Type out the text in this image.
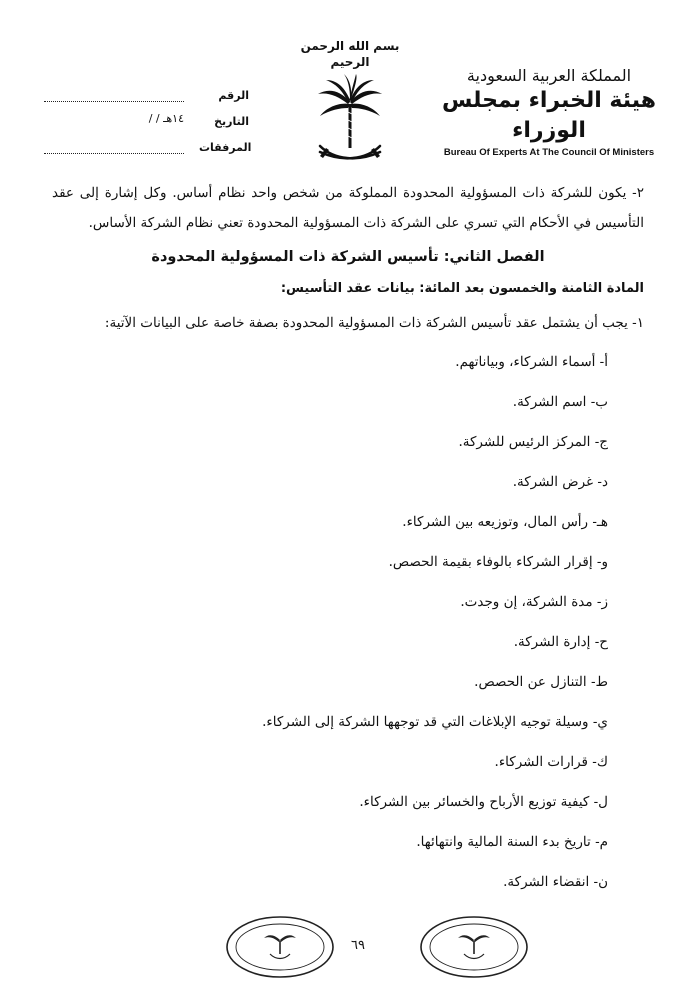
المملكة العربية السعودية
هيئة الخبراء بمجلس الوزراء
Bureau Of Experts At The Council Of Ministers
بسم الله الرحمن الرحيم
الرقم
/ / ١٤هـ	التاريخ
المرفقات

٢- يكون للشركة ذات المسؤولية المحدودة المملوكة من شخص واحد نظام أساس. وكل إشارة إلى عقد التأسيس في الأحكام التي تسري على الشركة ذات المسؤولية المحدودة تعني نظام الشركة الأساس.

الفصل الثاني: تأسيس الشركة ذات المسؤولية المحدودة
المادة الثامنة والخمسون بعد المائة: بيانات عقد التأسيس:

١- يجب أن يشتمل عقد تأسيس الشركة ذات المسؤولية المحدودة بصفة خاصة على البيانات الآتية:

أ- أسماء الشركاء، وبياناتهم.
ب- اسم الشركة.
ج- المركز الرئيس للشركة.
د- غرض الشركة.
هـ- رأس المال، وتوزيعه بين الشركاء.
و- إقرار الشركاء بالوفاء بقيمة الحصص.
ز- مدة الشركة، إن وجدت.
ح- إدارة الشركة.
ط- التنازل عن الحصص.
ي- وسيلة توجيه الإبلاغات التي قد توجهها الشركة إلى الشركاء.
ك- قرارات الشركاء.
ل- كيفية توزيع الأرباح والخسائر بين الشركاء.
م- تاريخ بدء السنة المالية وانتهائها.
ن- انقضاء الشركة.
٦٩
